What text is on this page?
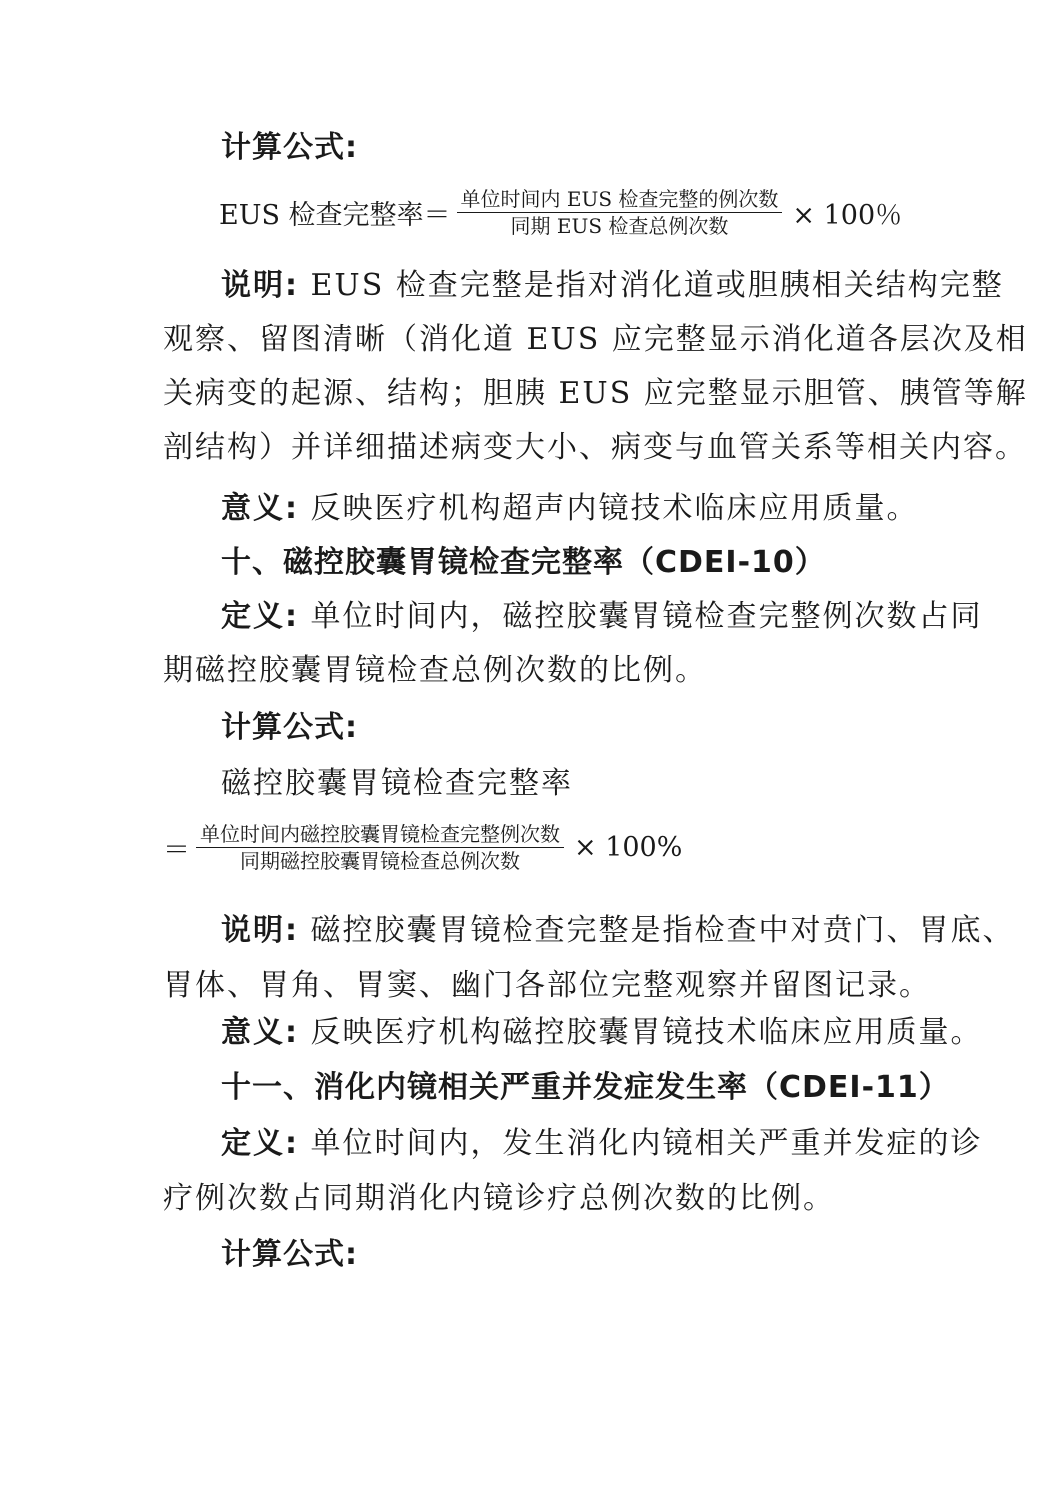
计算公式:
EUS 检查完整率＝ $\frac{\text{单位时间内 EUS 检查完整的例次数}}{\text{同期 EUS 检查总例次数}} \times 100$％
说明: EUS 检查完整是指对消化道或胆胰相关结构完整
观察、留图清晰（消化道 EUS 应完整显示消化道各层次及相
关病变的起源、结构；胆胰 EUS 应完整显示胆管、胰管等解
剖结构）并详细描述病变大小、病变与血管关系等相关内容。
意义: 反映医疗机构超声内镜技术临床应用质量。
十、磁控胶囊胃镜检查完整率（CDEI-10）
定义: 单位时间内，磁控胶囊胃镜检查完整例次数占同
期磁控胶囊胃镜检查总例次数的比例。
计算公式:
磁控胶囊胃镜检查完整率
＝ $\frac{\text{单位时间内磁控胶囊胃镜检查完整例次数}}{\text{同期磁控胶囊胃镜检查总例次数}} \times 100\%$
说明: 磁控胶囊胃镜检查完整是指检查中对贲门、胃底、
胃体、胃角、胃窦、幽门各部位完整观察并留图记录。
意义: 反映医疗机构磁控胶囊胃镜技术临床应用质量。
十一、消化内镜相关严重并发症发生率（CDEI-11）
定义: 单位时间内，发生消化内镜相关严重并发症的诊
疗例次数占同期消化内镜诊疗总例次数的比例。
计算公式:
